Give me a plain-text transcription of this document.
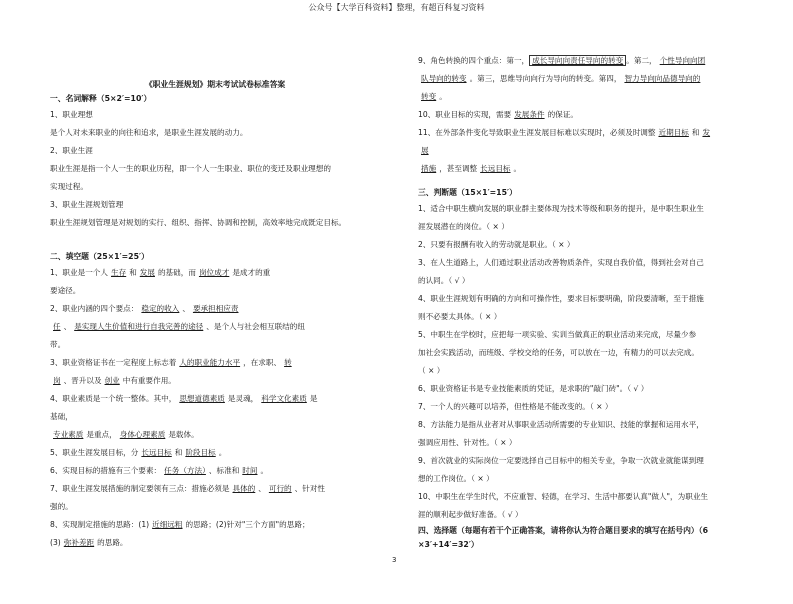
公众号【大学百科资料】整理，有超百科复习资料
《职业生涯规划》期末考试试卷标准答案
一、名词解释（5×2′=10′）
1、职业理想
是个人对未来职业的向往和追求，是职业生涯发展的动力。
2、职业生涯
职业生涯是指一个人一生的职业历程，即一个人一生职业、职位的变迁及职业理想的
实现过程。
3、职业生涯规划管理
职业生涯规划管理是对规划的实行、组织、指挥、协调和控制，高效率地完成既定目标。
二、填空题（25×1′=25′）
1、职业是一个人 生存 和 发展 的基础，而 岗位成才 是成才的重
要途径。
2、职业内涵的四个要点： 稳定的收入 、 要承担相应责
任 、 是实现人生价值和进行自我完善的途径 、是个人与社会相互联结的纽
带。
3、职业资格证书在一定程度上标志着 人的职业能力水平 ，在求职、 转
岗 、晋升以及 创业 中有重要作用。
4、职业素质是一个统一整体。其中， 思想道德素质 是灵魂， 科学文化素质 是
基础，
专业素质 是重点， 身体心理素质 是载体。
5、职业生涯发展目标，分 长远目标 和 阶段目标 。
6、实现目标的措施有三个要素： 任务（方法） 、标准和 时间 。
7、职业生涯发展措施的制定要领有三点：措施必须是 具体的 、 可行的 、针对性
强的。
8、实现制定措施的思路：(1) 近细远粗 的思路；(2)针对"三个方面"的思路；
(3) 弥补差距 的思路。
9、角色转换的四个重点：第一， 成长导向向责任导向的转变 。第二， 个性导向向团
队导向的转变 。第三，思维导向向行为导向的转变。第四， 智力导向向品德导向的
转变 。
10、职业目标的实现，需要 发展条件 的保证。
11、在外部条件变化导致职业生涯发展目标难以实现时，必须及时调整 近期目标 和 发
展
措施 ，甚至调整 长远目标 。
三、判断题（15×1′=15′）
1、适合中职生横向发展的职业群主要体现为技术等级和职务的提升，是中职生职业生
涯发展潜在的岗位。（ × ）
2、只要有报酬有收入的劳动就是职业。（ × ）
3、在人生道路上，人们通过职业活动改善物质条件，实现自我价值，得到社会对自己
的认同。（ √ ）
4、职业生涯规划有明确的方向和可操作性，要求目标要明确，阶段要清晰，至于措施
则不必要太具体。（ × ）
5、中职生在学校时，应把每一项实验、实训当做真正的职业活动来完成，尽量少参
加社会实践活动，而班级、学校交给的任务，可以放在一边，有精力的可以去完成。
（ × ）
6、职业资格证书是专业技能素质的凭证，是求职的"敲门砖"。（ √ ）
7、一个人的兴趣可以培养，但性格是不能改变的。（ × ）
8、方法能力是指从业者对从事职业活动所需要的专业知识、技能的掌握和运用水平，
强调应用性、针对性。（ × ）
9、首次就业的实际岗位一定要选择自己目标中的相关专业，争取一次就业就能谋到理
想的工作岗位。（ × ）
10、中职生在学生时代，不应重智、轻德，在学习、生活中都要认真"做人"，为职业生
涯的顺利起步做好准备。（ √ ）
四、选择题（每题有若干个正确答案，请将你认为符合题目要求的填写在括号内）（6
×3′+14′=32′）
3
